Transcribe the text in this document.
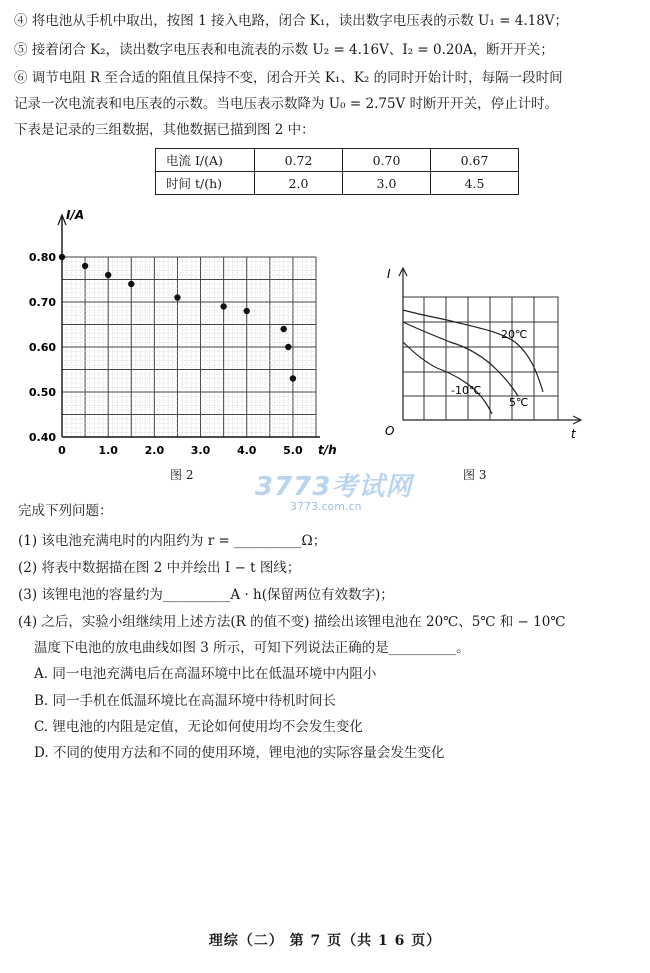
④ 将电池从手机中取出，按图 1 接入电路，闭合 K₁，读出数字电压表的示数 U₁ = 4.18V；
⑤ 接着闭合 K₂，读出数字电压表和电流表的示数 U₂ = 4.16V、I₂ = 0.20A，断开开关；
⑥ 调节电阻 R 至合适的阻值且保持不变，闭合开关 K₁、K₂ 的同时开始计时，每隔一段时间
记录一次电流表和电压表的示数。当电压表示数降为 U₀ = 2.75V 时断开开关，停止计时。
下表是记录的三组数据，其他数据已描到图 2 中：
电流 I/(A)	0.72	0.70	0.67
时间 t/(h)	2.0	3.0	4.5
0	1.0 2.0 3.0 4.0 5.0
0.40
0.50
0.60
0.70
0.80
I/A
t/h
图 2
I
O	t
20℃
5℃
-10℃
图 3
3773考试网
3773.com.cn
完成下列问题：
(1) 该电池充满电时的内阻约为 r = __________Ω；
(2) 将表中数据描在图 2 中并绘出 I − t 图线；
(3) 该锂电池的容量约为__________A · h(保留两位有效数字)；
(4) 之后，实验小组继续用上述方法(R 的值不变) 描绘出该锂电池在 20℃、5℃ 和 − 10℃
温度下电池的放电曲线如图 3 所示，可知下列说法正确的是__________。
A. 同一电池充满电后在高温环境中比在低温环境中内阻小
B. 同一手机在低温环境比在高温环境中待机时间长
C. 锂电池的内阻是定值，无论如何使用均不会发生变化
D. 不同的使用方法和不同的使用环境，锂电池的实际容量会发生变化
理综（二） 第 7 页（共 1 6 页）
